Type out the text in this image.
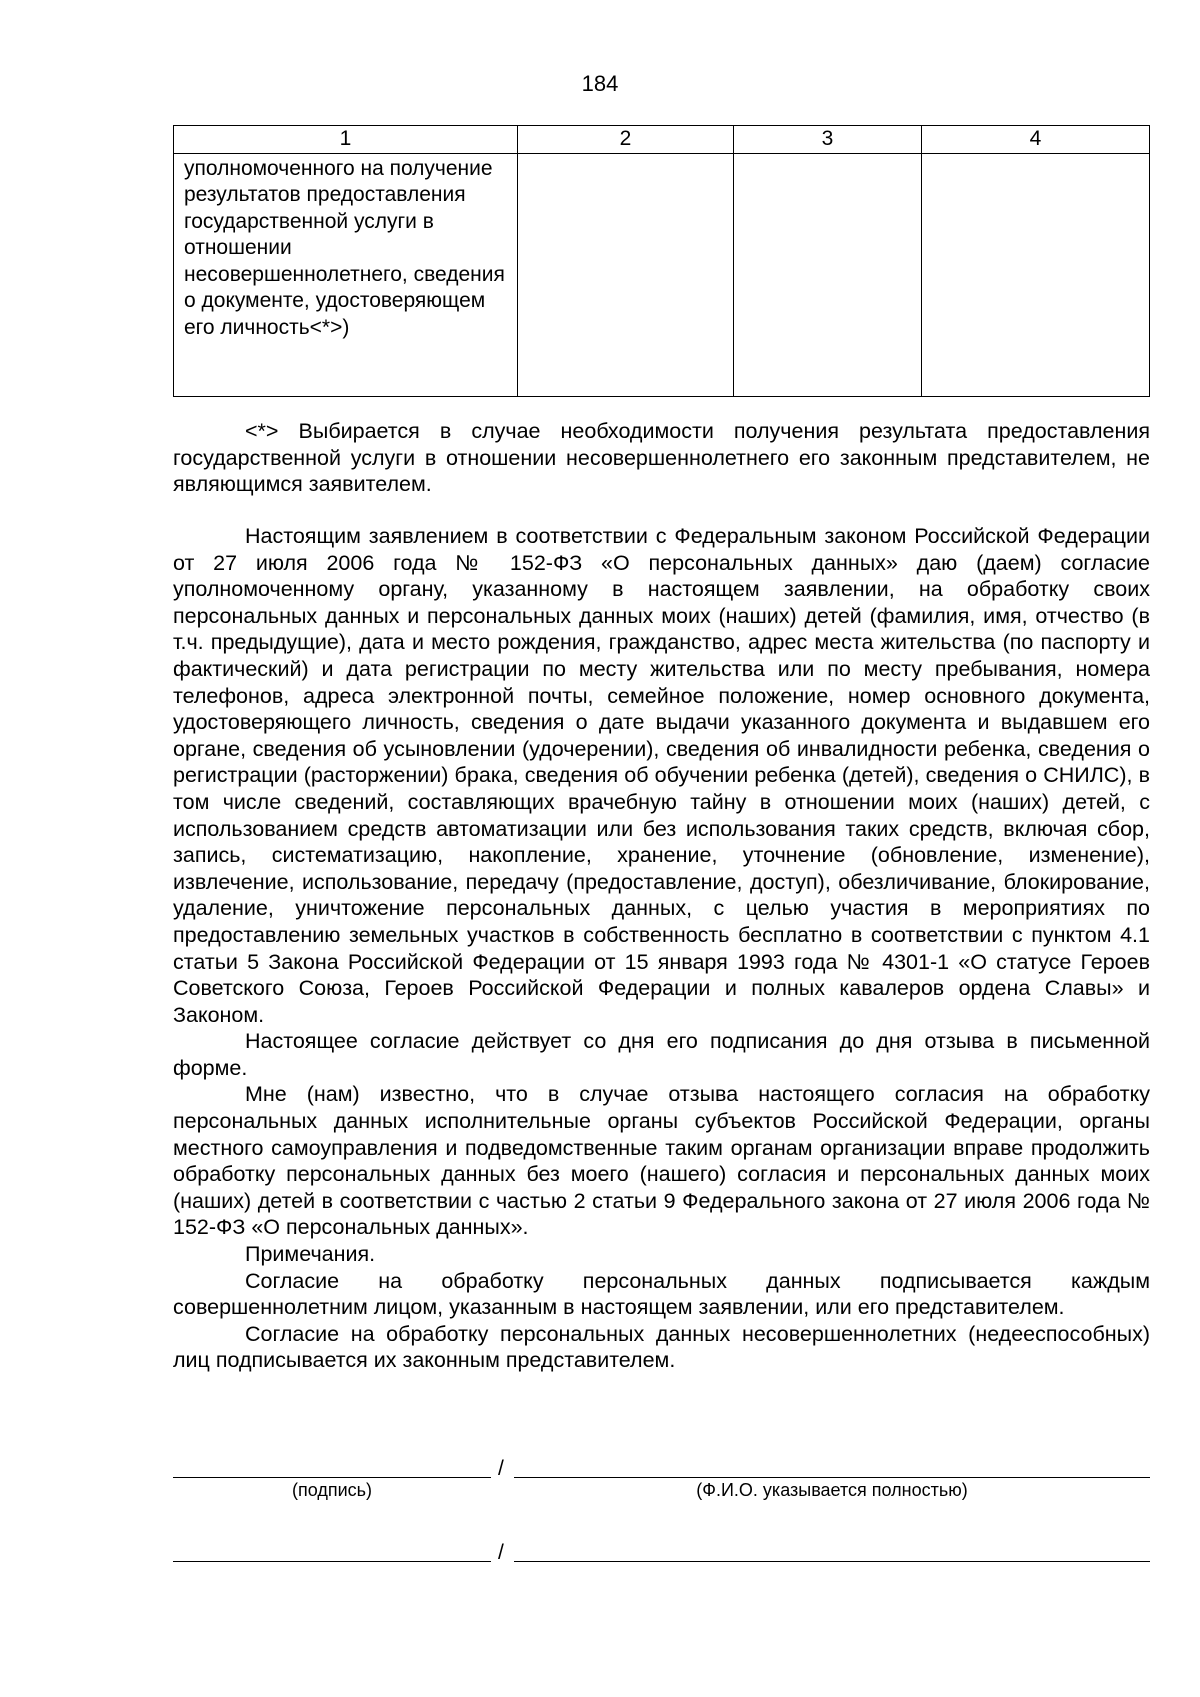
184
1	2	3	4
уполномоченного на получение результатов предоставления государственной услуги в отношении несовершеннолетнего, сведения о документе, удостоверяющем его личность<*>)			

<*> Выбирается в случае необходимости получения результата предоставления государственной услуги в отношении несовершеннолетнего его законным представителем, не являющимся заявителем.

Настоящим заявлением в соответствии с Федеральным законом Российской Федерации от 27 июля 2006 года № 152-ФЗ «О персональных данных» даю (даем) согласие уполномоченному органу, указанному в настоящем заявлении, на обработку своих персональных данных и персональных данных моих (наших) детей (фамилия, имя, отчество (в т.ч. предыдущие), дата и место рождения, гражданство, адрес места жительства (по паспорту и фактический) и дата регистрации по месту жительства или по месту пребывания, номера телефонов, адреса электронной почты, семейное положение, номер основного документа, удостоверяющего личность, сведения о дате выдачи указанного документа и выдавшем его органе, сведения об усыновлении (удочерении), сведения об инвалидности ребенка, сведения о регистрации (расторжении) брака, сведения об обучении ребенка (детей), сведения о СНИЛС), в том числе сведений, составляющих врачебную тайну в отношении моих (наших) детей, с использованием средств автоматизации или без использования таких средств, включая сбор, запись, систематизацию, накопление, хранение, уточнение (обновление, изменение), извлечение, использование, передачу (предоставление, доступ), обезличивание, блокирование, удаление, уничтожение персональных данных, с целью участия в мероприятиях по предоставлению земельных участков в собственность бесплатно в соответствии с пунктом 4.1 статьи 5 Закона Российской Федерации от 15 января 1993 года № 4301-1 «О статусе Героев Советского Союза, Героев Российской Федерации и полных кавалеров ордена Славы» и Законом.

Настоящее согласие действует со дня его подписания до дня отзыва в письменной форме.

Мне (нам) известно, что в случае отзыва настоящего согласия на обработку персональных данных исполнительные органы субъектов Российской Федерации, органы местного самоуправления и подведомственные таким органам организации вправе продолжить обработку персональных данных без моего (нашего) согласия и персональных данных моих (наших) детей в соответствии с частью 2 статьи 9 Федерального закона от 27 июля 2006 года № 152-ФЗ «О персональных данных».

Примечания.

Согласие на обработку персональных данных подписывается каждым совершеннолетним лицом, указанным в настоящем заявлении, или его представителем.

Согласие на обработку персональных данных несовершеннолетних (недееспособных) лиц подписывается их законным представителем.

/
(подпись)	(Ф.И.О. указывается полностью)
/
